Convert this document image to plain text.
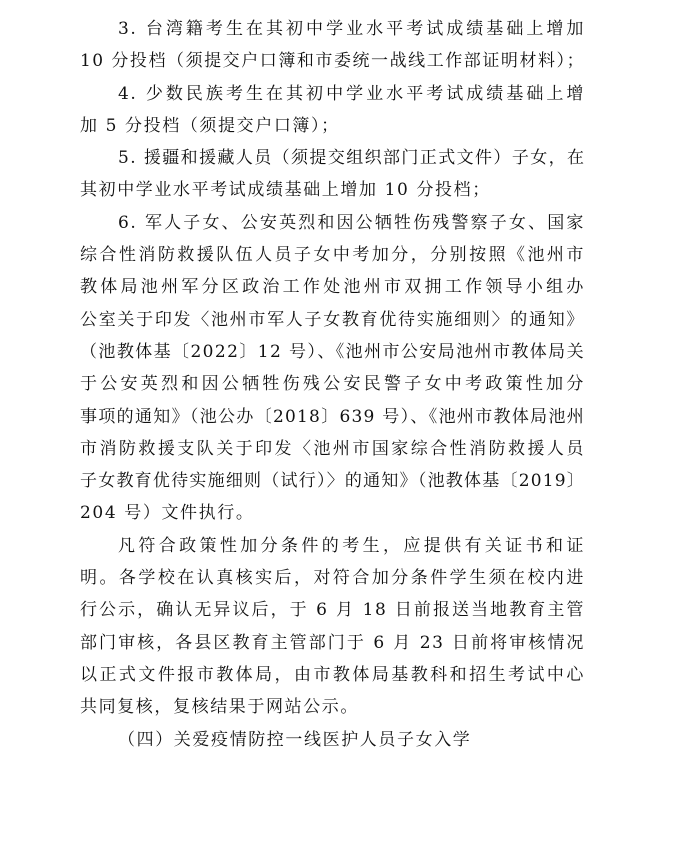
3. 台湾籍考生在其初中学业水平考试成绩基础上增加
10 分投档（须提交户口簿和市委统一战线工作部证明材料）；
4. 少数民族考生在其初中学业水平考试成绩基础上增
加 5 分投档（须提交户口簿）；
5. 援疆和援藏人员（须提交组织部门正式文件）子女，在
其初中学业水平考试成绩基础上增加 10 分投档；
6. 军人子女、公安英烈和因公牺牲伤残警察子女、国家
综合性消防救援队伍人员子女中考加分，分别按照《池州市
教体局池州军分区政治工作处池州市双拥工作领导小组办
公室关于印发〈池州市军人子女教育优待实施细则〉的通知》
（池教体基〔2022〕12 号）、《池州市公安局池州市教体局关
于公安英烈和因公牺牲伤残公安民警子女中考政策性加分
事项的通知》（池公办〔2018〕639 号）、《池州市教体局池州
市消防救援支队关于印发〈池州市国家综合性消防救援人员
子女教育优待实施细则（试行）〉的通知》（池教体基〔2019〕
204 号）文件执行。
凡符合政策性加分条件的考生，应提供有关证书和证
明。各学校在认真核实后，对符合加分条件学生须在校内进
行公示，确认无异议后，于 6 月 18 日前报送当地教育主管
部门审核，各县区教育主管部门于 6 月 23 日前将审核情况
以正式文件报市教体局，由市教体局基教科和招生考试中心
共同复核，复核结果于网站公示。
（四）关爱疫情防控一线医护人员子女入学
